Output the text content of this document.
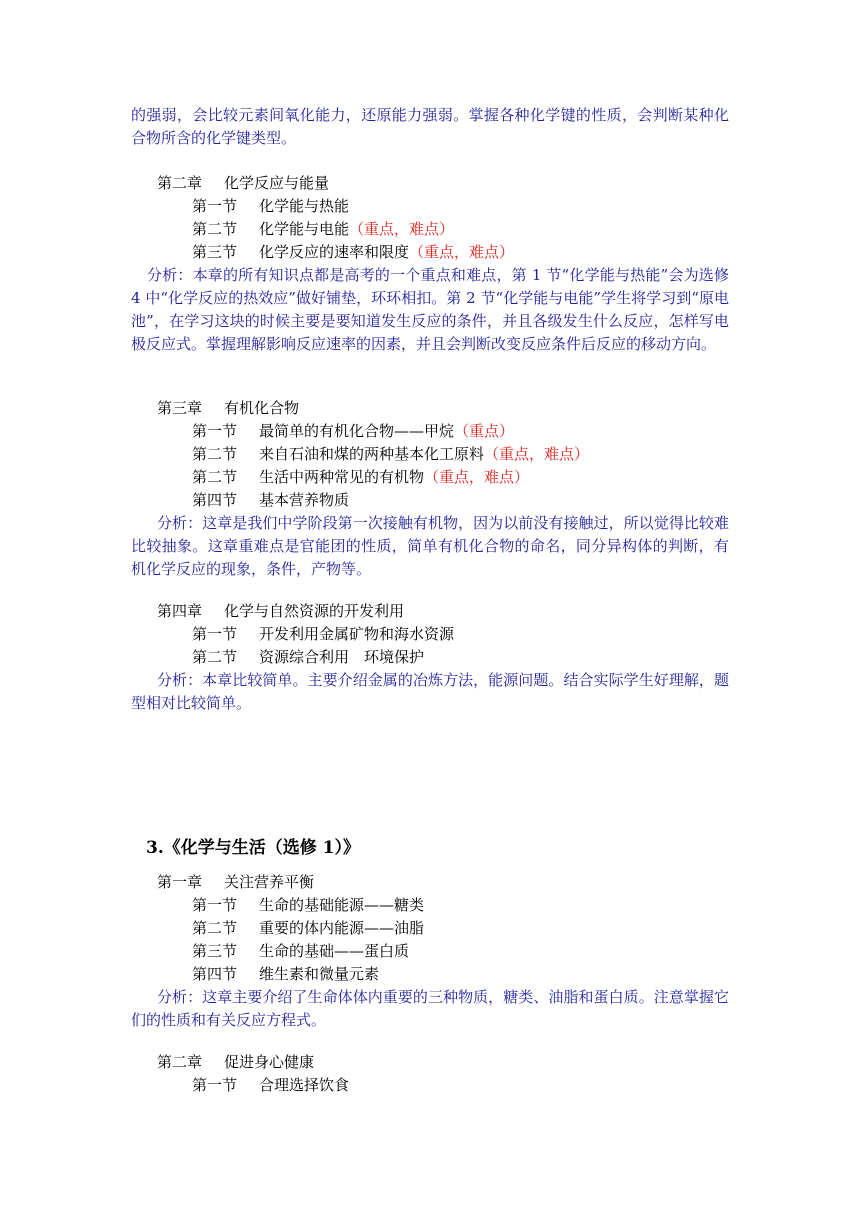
的强弱，会比较元素间氧化能力，还原能力强弱。掌握各种化学键的性质，会判断某种化合物所含的化学键类型。

第二章 化学反应与能量

第一节 化学能与热能

第二节 化学能与电能（重点，难点）

第三节 化学反应的速率和限度（重点，难点）

分析：本章的所有知识点都是高考的一个重点和难点，第 1 节“化学能与热能”会为选修 4 中“化学反应的热效应”做好铺垫，环环相扣。第 2 节“化学能与电能”学生将学习到“原电池”，在学习这块的时候主要是要知道发生反应的条件，并且各级发生什么反应，怎样写电极反应式。掌握理解影响反应速率的因素，并且会判断改变反应条件后反应的移动方向。

第三章 有机化合物

第一节 最简单的有机化合物——甲烷（重点）

第二节 来自石油和煤的两种基本化工原料（重点，难点）

第二节 生活中两种常见的有机物（重点，难点）

第四节 基本营养物质

分析：这章是我们中学阶段第一次接触有机物，因为以前没有接触过，所以觉得比较难比较抽象。这章重难点是官能团的性质，简单有机化合物的命名，同分异构体的判断，有机化学反应的现象，条件，产物等。

第四章 化学与自然资源的开发利用

第一节 开发利用金属矿物和海水资源

第二节 资源综合利用　环境保护

分析：本章比较简单。主要介绍金属的冶炼方法，能源问题。结合实际学生好理解，题型相对比较简单。

3.《化学与生活（选修 1）》

第一章 关注营养平衡

第一节 生命的基础能源——糖类

第二节 重要的体内能源——油脂

第三节 生命的基础——蛋白质

第四节 维生素和微量元素

分析：这章主要介绍了生命体体内重要的三种物质，糖类、油脂和蛋白质。注意掌握它们的性质和有关反应方程式。

第二章 促进身心健康

第一节 合理选择饮食
